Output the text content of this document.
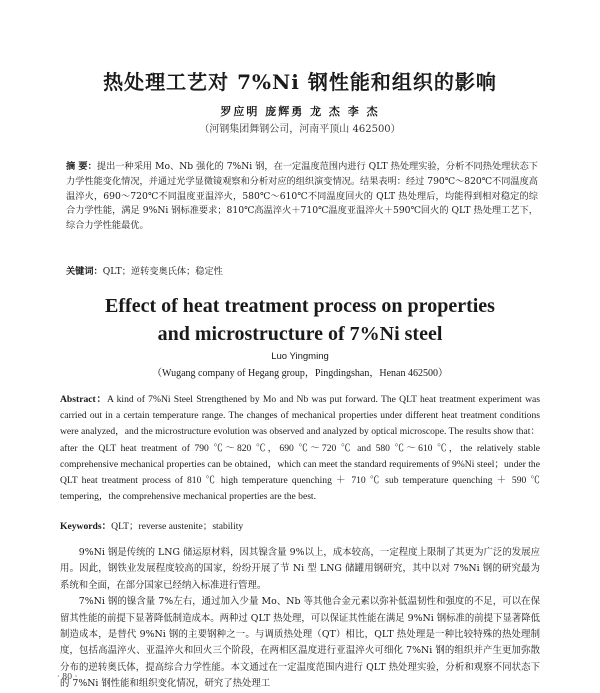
热处理工艺对 7%Ni 钢性能和组织的影响
罗应明 庞辉勇 龙 杰 李 杰
（河钢集团舞钢公司，河南平顶山 462500）
摘 要：提出一种采用 Mo、Nb 强化的 7%Ni 钢，在一定温度范围内进行 QLT 热处理实验，分析不同热处理状态下力学性能变化情况，并通过光学显微镜观察和分析对应的组织演变情况。结果表明：经过 790℃～820℃不同温度高温淬火，690～720℃不同温度亚温淬火，580℃～610℃不同温度回火的 QLT 热处理后，均能得到相对稳定的综合力学性能，满足 9%Ni 钢标准要求；810℃高温淬火＋710℃温度亚温淬火＋590℃回火的 QLT 热处理工艺下，综合力学性能最优。
关键词：QLT；逆转变奥氏体；稳定性
Effect of heat treatment process on properties
and microstructure of 7%Ni steel
Luo Yingming
（Wugang company of Hegang group，Pingdingshan，Henan 462500）
Abstract：A kind of 7%Ni Steel Strengthened by Mo and Nb was put forward. The QLT heat treatment experiment was carried out in a certain temperature range. The changes of mechanical properties under different heat treatment conditions were analyzed，and the microstructure evolution was observed and analyzed by optical microscope. The results show that：after the QLT heat treatment of 790 ℃～820 ℃，690 ℃～720 ℃ and 580 ℃～610 ℃，the relatively stable comprehensive mechanical properties can be obtained，which can meet the standard requirements of 9%Ni steel；under the QLT heat treatment process of 810 ℃ high temperature quenching ＋ 710 ℃ sub temperature quenching ＋ 590 ℃ tempering，the comprehensive mechanical properties are the best.
Keywords：QLT；reverse austenite；stability

9%Ni 钢是传统的 LNG 储运原材料，因其镍含量 9%以上，成本较高，一定程度上限制了其更为广泛的发展应用。因此，钢铁业发展程度较高的国家，纷纷开展了节 Ni 型 LNG 储罐用钢研究，其中以对 7%Ni 钢的研究最为系统和全面，在部分国家已经纳入标准进行管理。

7%Ni 钢的镍含量 7%左右，通过加入少量 Mo、Nb 等其他合金元素以弥补低温韧性和强度的不足，可以在保留其性能的前提下显著降低制造成本。两种过 QLT 热处理，可以保证其性能在满足 9%Ni 钢标准的前提下显著降低制造成本，是替代 9%Ni 钢的主要钢种之一。与调质热处理（QT）相比，QLT 热处理是一种比较特殊的热处理制度，包括高温淬火、亚温淬火和回火三个阶段，在两相区温度进行亚温淬火可细化 7%Ni 钢的组织并产生更加弥散分布的逆转奥氏体，提高综合力学性能。本文通过在一定温度范围内进行 QLT 热处理实验，分析和观察不同状态下的 7%Ni 钢性能和组织变化情况，研究了热处理工

· 80 ·
